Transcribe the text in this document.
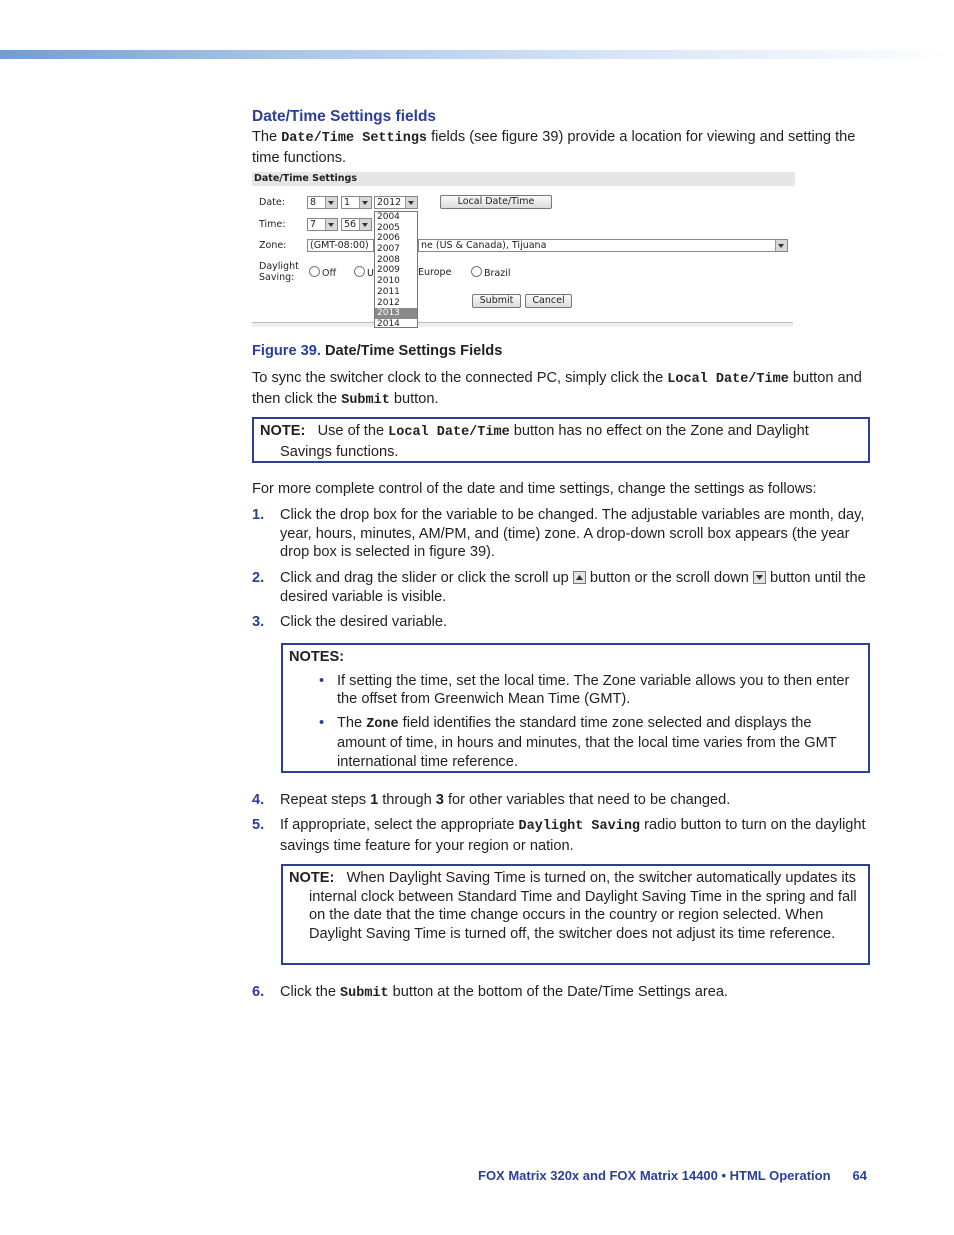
Date/Time Settings fields

The Date/Time Settings fields (see figure 39) provide a location for viewing and setting the time functions.

Date/Time Settings
Date:	8	1	2012
Time:	7	56
Zone:	(GMT-08:00)	ne (US & Canada), Tijuana
Daylight
Saving:	Off	U	Europe	Brazil
Local Date/Time
Submit	Cancel
2004
2005
2006
2007
2008
2009
2010
2011
2012
2013
2014

Figure 39. Date/Time Settings Fields

To sync the switcher clock to the connected PC, simply click the Local Date/Time button and then click the Submit button.

NOTE:   Use of the Local Date/Time button has no effect on the Zone and Daylight Savings functions.

For more complete control of the date and time settings, change the settings as follows:

1. Click the drop box for the variable to be changed. The adjustable variables are month, day, year, hours, minutes, AM/PM, and (time) zone. A drop-down scroll box appears (the year drop box is selected in figure 39).
2. Click and drag the slider or click the scroll up
button or the scroll down
button until the desired variable is visible.
3. Click the desired variable.
NOTES:

• If setting the time, set the local time. The Zone variable allows you to then enter the offset from Greenwich Mean Time (GMT).

• The Zone field identifies the standard time zone selected and displays the amount of time, in hours and minutes, that the local time varies from the GMT international time reference.

4. Repeat steps 1 through 3 for other variables that need to be changed.
5. If appropriate, select the appropriate Daylight Saving radio button to turn on the daylight savings time feature for your region or nation.

NOTE:   When Daylight Saving Time is turned on, the switcher automatically updates its internal clock between Standard Time and Daylight Saving Time in the spring and fall on the date that the time change occurs in the country or region selected. When Daylight Saving Time is turned off, the switcher does not adjust its time reference.

6. Click the Submit button at the bottom of the Date/Time Settings area.
FOX Matrix 320x and FOX Matrix 14400 • HTML Operation 64
